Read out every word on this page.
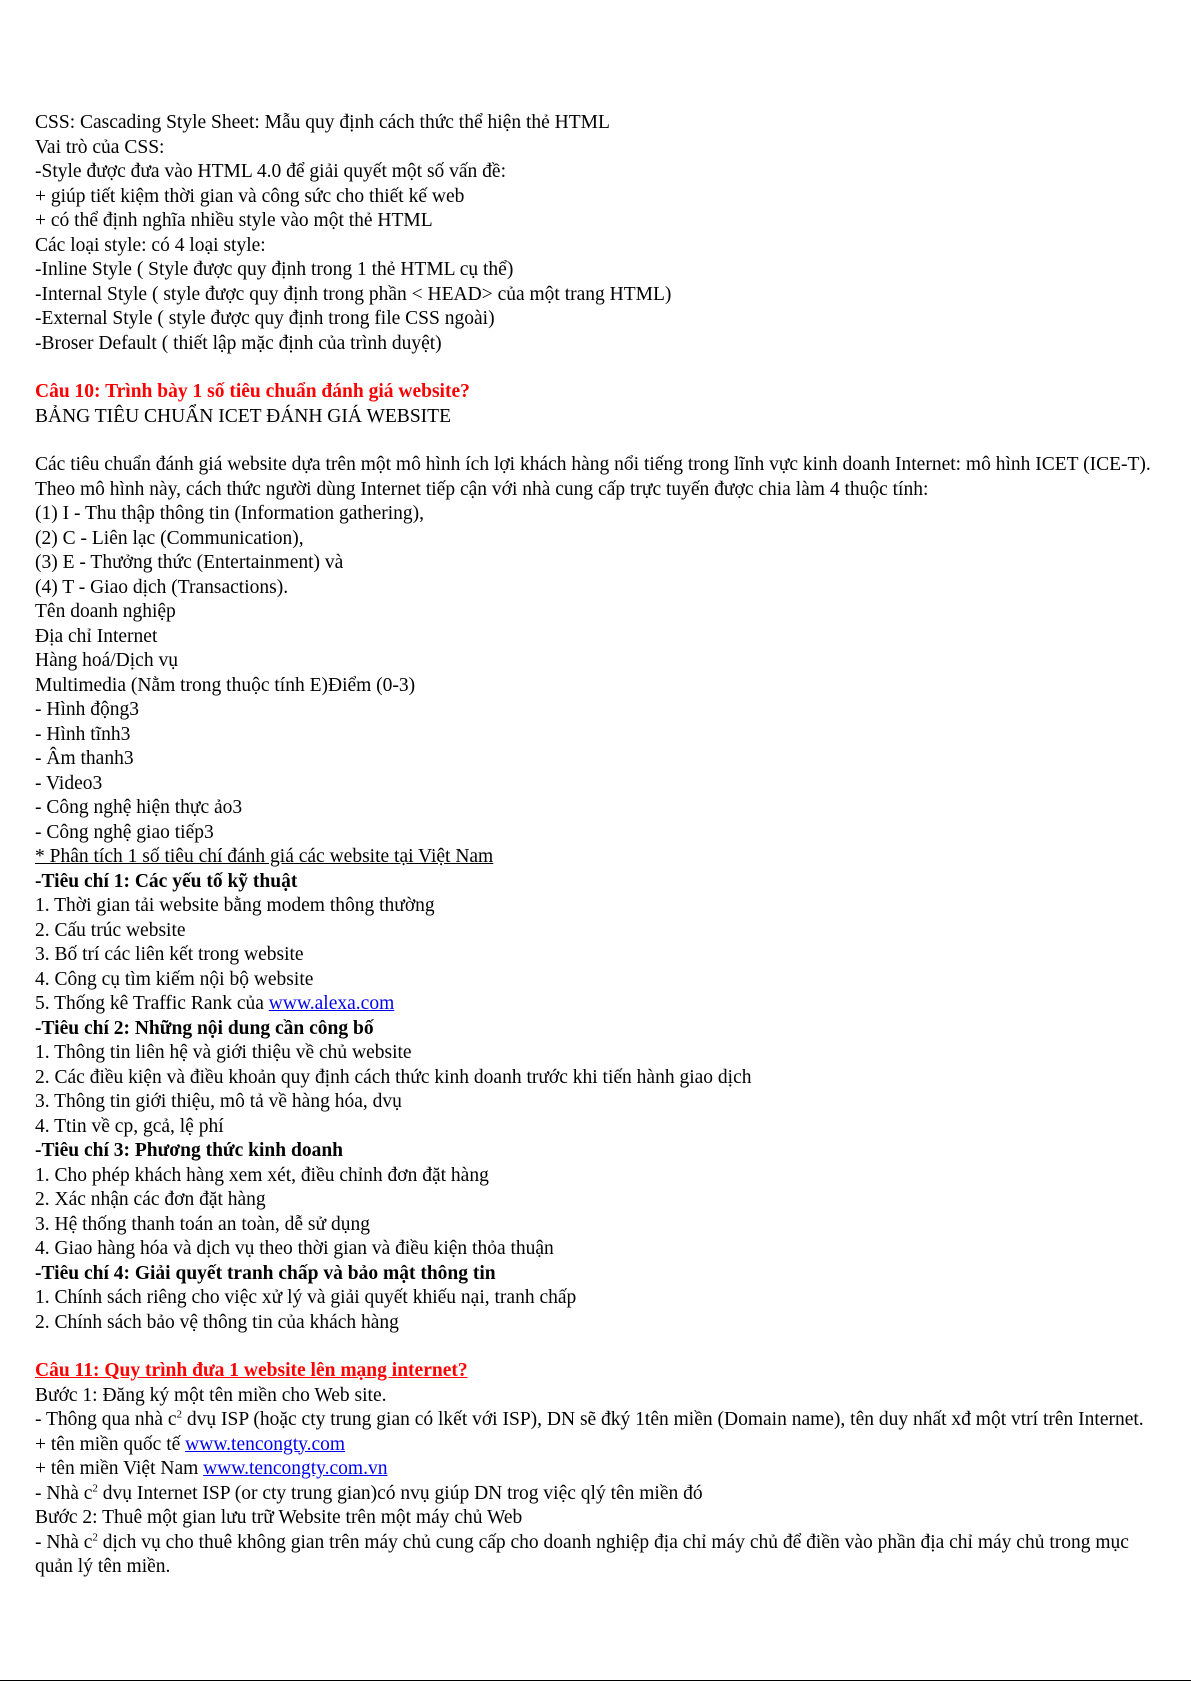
CSS: Cascading Style Sheet: Mẫu quy định cách thức thể hiện thẻ HTML
Vai trò của CSS:
-Style được đưa vào HTML 4.0 để giải quyết một số vấn đề:
+ giúp tiết kiệm thời gian và công sức cho thiết kế web
+ có thể định nghĩa nhiều style vào một thẻ HTML
Các loại style: có 4 loại style:
-Inline Style ( Style được quy định trong 1 thẻ HTML cụ thể)
-Internal Style ( style được quy định trong phần < HEAD> của một trang HTML)
-External Style ( style được quy định trong file CSS ngoài)
-Broser Default ( thiết lập mặc định của trình duyệt)
Câu 10: Trình bày 1 số tiêu chuẩn đánh giá website?
BẢNG TIÊU CHUẨN ICET ĐÁNH GIÁ WEBSITE
Các tiêu chuẩn đánh giá website dựa trên một mô hình ích lợi khách hàng nổi tiếng trong lĩnh vực kinh doanh Internet: mô hình ICET (ICE-T). Theo mô hình này, cách thức người dùng Internet tiếp cận với nhà cung cấp trực tuyến được chia làm 4 thuộc tính:
(1) I - Thu thập thông tin (Information gathering),
(2) C - Liên lạc (Communication),
(3) E - Thưởng thức (Entertainment) và
(4) T - Giao dịch (Transactions).
Tên doanh nghiệp
Địa chỉ Internet
Hàng hoá/Dịch vụ
Multimedia (Nằm trong thuộc tính E)Điểm (0-3)
- Hình động3
- Hình tĩnh3
- Âm thanh3
- Video3
- Công nghệ hiện thực ảo3
- Công nghệ giao tiếp3
* Phân tích 1 số tiêu chí đánh giá các website tại Việt Nam
-Tiêu chí 1: Các yếu tố kỹ thuật
1. Thời gian tải website bằng modem thông thường
2. Cấu trúc website
3. Bố trí các liên kết trong website
4. Công cụ tìm kiếm nội bộ website
5. Thống kê Traffic Rank của www.alexa.com
-Tiêu chí 2: Những nội dung cần công bố
1. Thông tin liên hệ và giới thiệu về chủ website
2. Các điều kiện và điều khoản quy định cách thức kinh doanh trước khi tiến hành giao dịch
3. Thông tin giới thiệu, mô tả về hàng hóa, dvụ
4. Ttin về cp, gcả, lệ phí
-Tiêu chí 3: Phương thức kinh doanh
1. Cho phép khách hàng xem xét, điều chỉnh đơn đặt hàng
2. Xác nhận các đơn đặt hàng
3. Hệ thống thanh toán an toàn, dễ sử dụng
4. Giao hàng hóa và dịch vụ theo thời gian và điều kiện thỏa thuận
-Tiêu chí 4: Giải quyết tranh chấp và bảo mật thông tin
1. Chính sách riêng cho việc xử lý và giải quyết khiếu nại, tranh chấp
2. Chính sách bảo vệ thông tin của khách hàng
Câu 11: Quy trình đưa 1 website lên mạng internet?
Bước 1: Đăng ký một tên miền cho Web site.
- Thông qua nhà $c^2$ dvụ ISP (hoặc cty trung gian có lkết với ISP), DN sẽ đký 1tên miền (Domain name), tên duy nhất xđ một vtrí trên Internet.
+ tên miền quốc tế www.tencongty.com
+ tên miền Việt Nam www.tencongty.com.vn
- Nhà $c^2$ dvụ Internet ISP (or cty trung gian)có nvụ giúp DN trog việc qlý tên miền đó
Bước 2: Thuê một gian lưu trữ Website trên một máy chủ Web
- Nhà $c^2$ dịch vụ cho thuê không gian trên máy chủ cung cấp cho doanh nghiệp địa chỉ máy chủ để điền vào phần địa chỉ máy chủ trong mục quản lý tên miền.
